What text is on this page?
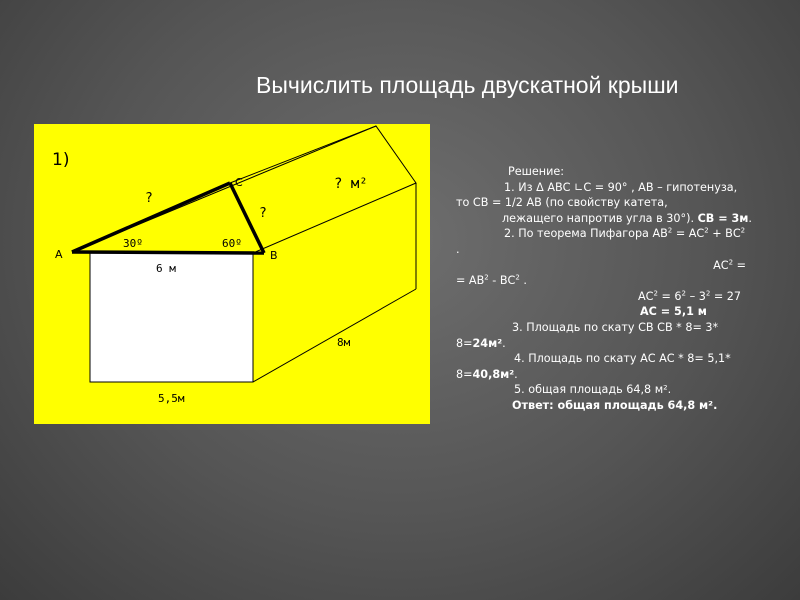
Вычислить площадь двускатной крыши
1)
A	B
C
?
?
? м²
30º	60º
6 м
5,5м
8м

Решение:

1. Из Δ АВС ∟С = 90° , АВ – гипотенуза, то СВ = 1/2 АВ (по свойству катета,

лежащего напротив угла в 30°). СВ = 3м.

2. По теорема Пифагора $АВ^2 = АС^2 + ВС^2$ .

$АС^2$ =

= $АВ^2 - ВС^2$ .

$АС^2 = 6^2 - 3^2 = 27$

АС = 5,1 м

3. Площадь по скату СВ СВ * 8= 3* 8=24м².

4. Площадь по скату АС АС * 8= 5,1* 8=40,8м².

5. общая площадь 64,8 м².

Ответ: общая площадь 64,8 м².
